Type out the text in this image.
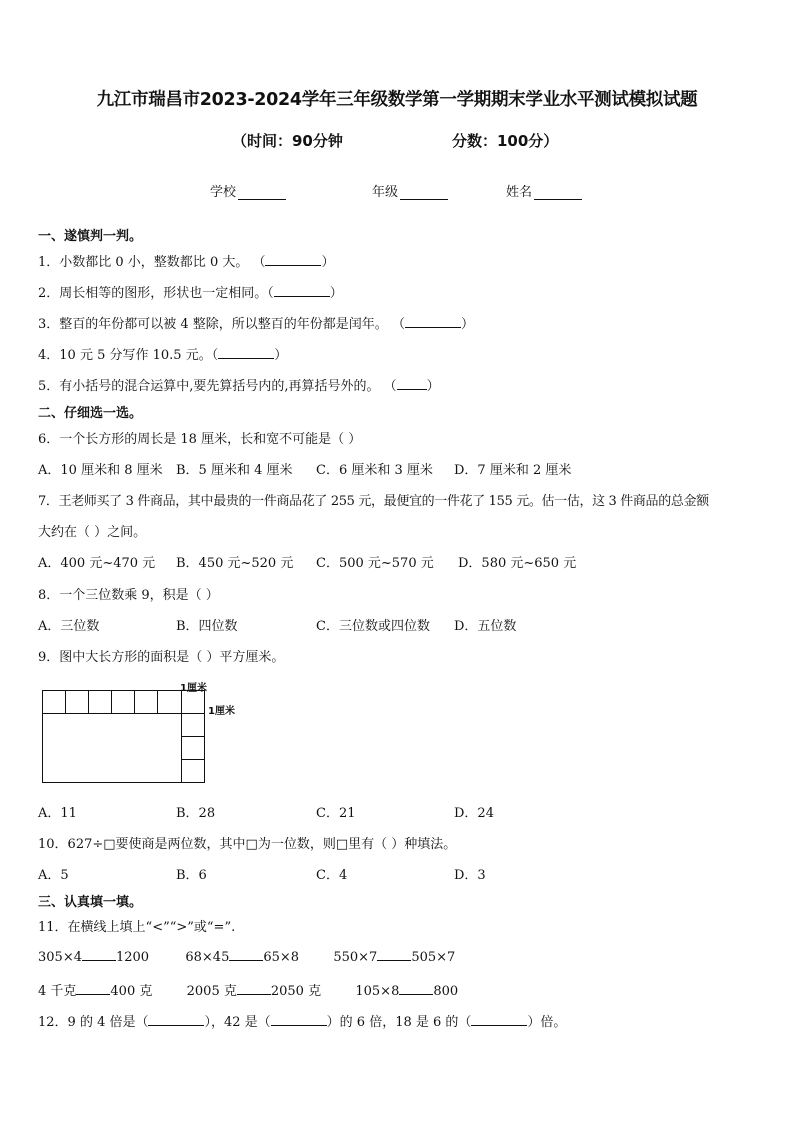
九江市瑞昌市2023-2024学年三年级数学第一学期期末学业水平测试模拟试题
（时间：90分钟	分数：100分）
学校	年级	姓名
一、遂慎判一判。
1．小数都比 0 小，整数都比 0 大。 （	）
2．周长相等的图形，形状也一定相同。（	）
3．整百的年份都可以被 4 整除，所以整百的年份都是闰年。 （	）
4．10 元 5 分写作 10.5 元。（	）
5．有小括号的混合运算中,要先算括号内的,再算括号外的。 （ ）
二、仔细选一选。
6．一个长方形的周长是 18 厘米，长和宽不可能是（ ）
A．10 厘米和 8 厘米 B．5 厘米和 4 厘米 C．6 厘米和 3 厘米 D．7 厘米和 2 厘米
7．王老师买了 3 件商品，其中最贵的一件商品花了 255 元，最便宜的一件花了 155 元。估一估，这 3 件商品的总金额
大约在（ ）之间。
A．400 元~470 元 B．450 元~520 元 C．500 元~570 元 D．580 元~650 元
8．一个三位数乘 9，积是（ ）
A．三位数	B．四位数	C．三位数或四位数 D．五位数
9．图中大长方形的面积是（ ）平方厘米。
1厘米
1厘米
A．11	B．28	C．21	D．24
10．627÷□要使商是两位数，其中□为一位数，则□里有（ ）种填法。
A．5	B．6	C．4	D．3
三、认真填一填。
11．在横线上填上“<”“>”或“=”.
305×4	1200	68×45	65×8	550×7	505×7
4 千克	400 克	2005 克	2050 克	105×8	800
12．9 的 4 倍是（	），42 是（	）的 6 倍，18 是 6 的（	）倍。
